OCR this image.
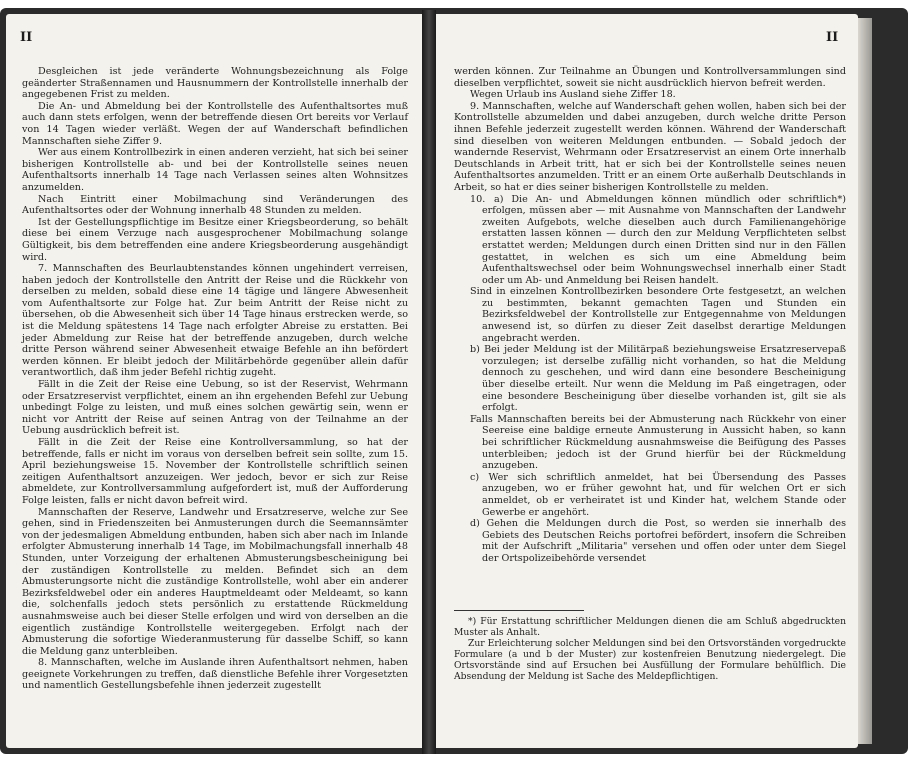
II	II

Desgleichen ist jede veränderte Wohnungsbezeichnung als Folge geänderter Straßennamen und Hausnummern der Kontrollstelle innerhalb der angegebenen Frist zu melden.

Die An- und Abmeldung bei der Kontrollstelle des Aufenthaltsortes muß auch dann stets erfolgen, wenn der betreffende diesen Ort bereits vor Verlauf von 14 Tagen wieder verläßt. Wegen der auf Wanderschaft befindlichen Mannschaften siehe Ziffer 9.

Wer aus einem Kontrollbezirk in einen anderen verzieht, hat sich bei seiner bisherigen Kontrollstelle ab- und bei der Kontrollstelle seines neuen Aufenthaltsorts innerhalb 14 Tage nach Verlassen seines alten Wohnsitzes anzumelden.

Nach Eintritt einer Mobilmachung sind Veränderungen des Aufenthaltsortes oder der Wohnung innerhalb 48 Stunden zu melden.

Ist der Gestellungspflichtige im Besitze einer Kriegsbeorderung, so behält diese bei einem Verzuge nach ausgesprochener Mobilmachung solange Gültigkeit, bis dem betreffenden eine andere Kriegsbeorderung ausgehändigt wird.

7. Mannschaften des Beurlaubtenstandes können ungehindert verreisen, haben jedoch der Kontrollstelle den Antritt der Reise und die Rückkehr von derselben zu melden, sobald diese eine 14 tägige und längere Abwesenheit vom Aufenthaltsorte zur Folge hat. Zur beim Antritt der Reise nicht zu übersehen, ob die Abwesenheit sich über 14 Tage hinaus erstrecken werde, so ist die Meldung spätestens 14 Tage nach erfolgter Abreise zu erstatten. Bei jeder Abmeldung zur Reise hat der betreffende anzugeben, durch welche dritte Person während seiner Abwesenheit etwaige Befehle an ihn befördert werden können. Er bleibt jedoch der Militärbehörde gegenüber allein dafür verantwortlich, daß ihm jeder Befehl richtig zugeht.

Fällt in die Zeit der Reise eine Uebung, so ist der Reservist, Wehrmann oder Ersatzreservist verpflichtet, einem an ihn ergehenden Befehl zur Uebung unbedingt Folge zu leisten, und muß eines solchen gewärtig sein, wenn er nicht vor Antritt der Reise auf seinen Antrag von der Teilnahme an der Uebung ausdrücklich befreit ist.

Fällt in die Zeit der Reise eine Kontrollversammlung, so hat der betreffende, falls er nicht im voraus von derselben befreit sein sollte, zum 15. April beziehungsweise 15. November der Kontrollstelle schriftlich seinen zeitigen Aufenthaltsort anzuzeigen. Wer jedoch, bevor er sich zur Reise abmeldete, zur Kontrollversammlung aufgefordert ist, muß der Aufforderung Folge leisten, falls er nicht davon befreit wird.

Mannschaften der Reserve, Landwehr und Ersatzreserve, welche zur See gehen, sind in Friedenszeiten bei Anmusterungen durch die Seemannsämter von der jedesmaligen Abmeldung entbunden, haben sich aber nach im Inlande erfolgter Abmusterung innerhalb 14 Tage, im Mobilmachungsfall innerhalb 48 Stunden, unter Vorzeigung der erhaltenen Abmusterungsbescheinigung bei der zuständigen Kontrollstelle zu melden. Befindet sich an dem Abmusterungsorte nicht die zuständige Kontrollstelle, wohl aber ein anderer Bezirksfeldwebel oder ein anderes Hauptmeldeamt oder Meldeamt, so kann die, solchenfalls jedoch stets persönlich zu erstattende Rückmeldung ausnahmsweise auch bei dieser Stelle erfolgen und wird von derselben an die eigentlich zuständige Kontrollstelle weitergegeben. Erfolgt nach der Abmusterung die sofortige Wiederanmusterung für dasselbe Schiff, so kann die Meldung ganz unterbleiben.

8. Mannschaften, welche im Auslande ihren Aufenthaltsort nehmen, haben geeignete Vorkehrungen zu treffen, daß dienstliche Befehle ihrer Vorgesetzten und namentlich Gestellungsbefehle ihnen jederzeit zugestellt

werden können. Zur Teilnahme an Übungen und Kontrollversammlungen sind dieselben verpflichtet, soweit sie nicht ausdrücklich hiervon befreit werden.

Wegen Urlaub ins Ausland siehe Ziffer 18.

9. Mannschaften, welche auf Wanderschaft gehen wollen, haben sich bei der Kontrollstelle abzumelden und dabei anzugeben, durch welche dritte Person ihnen Befehle jederzeit zugestellt werden können. Während der Wanderschaft sind dieselben von weiteren Meldungen entbunden. — Sobald jedoch der wandernde Reservist, Wehrmann oder Ersatzreservist an einem Orte innerhalb Deutschlands in Arbeit tritt, hat er sich bei der Kontrollstelle seines neuen Aufenthaltsortes anzumelden. Tritt er an einem Orte außerhalb Deutschlands in Arbeit, so hat er dies seiner bisherigen Kontrollstelle zu melden.

10. a) Die An- und Abmeldungen können mündlich oder schriftlich*) erfolgen, müssen aber — mit Ausnahme von Mannschaften der Landwehr zweiten Aufgebots, welche dieselben auch durch Familienangehörige erstatten lassen können — durch den zur Meldung Verpflichteten selbst erstattet werden; Meldungen durch einen Dritten sind nur in den Fällen gestattet, in welchen es sich um eine Abmeldung beim Aufenthaltswechsel oder beim Wohnungswechsel innerhalb einer Stadt oder um Ab- und Anmeldung bei Reisen handelt.

Sind in einzelnen Kontrollbezirken besondere Orte festgesetzt, an welchen zu bestimmten, bekannt gemachten Tagen und Stunden ein Bezirksfeldwebel der Kontrollstelle zur Entgegennahme von Meldungen anwesend ist, so dürfen zu dieser Zeit daselbst derartige Meldungen angebracht werden.

b) Bei jeder Meldung ist der Militärpaß beziehungsweise Ersatzreservepaß vorzulegen; ist derselbe zufällig nicht vorhanden, so hat die Meldung dennoch zu geschehen, und wird dann eine besondere Bescheinigung über dieselbe erteilt. Nur wenn die Meldung im Paß eingetragen, oder eine besondere Bescheinigung über dieselbe vorhanden ist, gilt sie als erfolgt.

Falls Mannschaften bereits bei der Abmusterung nach Rückkehr von einer Seereise eine baldige erneute Anmusterung in Aussicht haben, so kann bei schriftlicher Rückmeldung ausnahmsweise die Beifügung des Passes unterbleiben; jedoch ist der Grund hierfür bei der Rückmeldung anzugeben.

c) Wer sich schriftlich anmeldet, hat bei Übersendung des Passes anzugeben, wo er früher gewohnt hat, und für welchen Ort er sich anmeldet, ob er verheiratet ist und Kinder hat, welchem Stande oder Gewerbe er angehört.

d) Gehen die Meldungen durch die Post, so werden sie innerhalb des Gebiets des Deutschen Reichs portofrei befördert, insofern die Schreiben mit der Aufschrift „Militaria" versehen und offen oder unter dem Siegel der Ortspolizeibehörde versendet

*) Für Erstattung schriftlicher Meldungen dienen die am Schluß abgedruckten Muster als Anhalt.

Zur Erleichterung solcher Meldungen sind bei den Ortsvorständen vorgedruckte Formulare (a und b der Muster) zur kostenfreien Benutzung niedergelegt. Die Ortsvorstände sind auf Ersuchen bei Ausfüllung der Formulare behülflich. Die Absendung der Meldung ist Sache des Meldepflichtigen.
